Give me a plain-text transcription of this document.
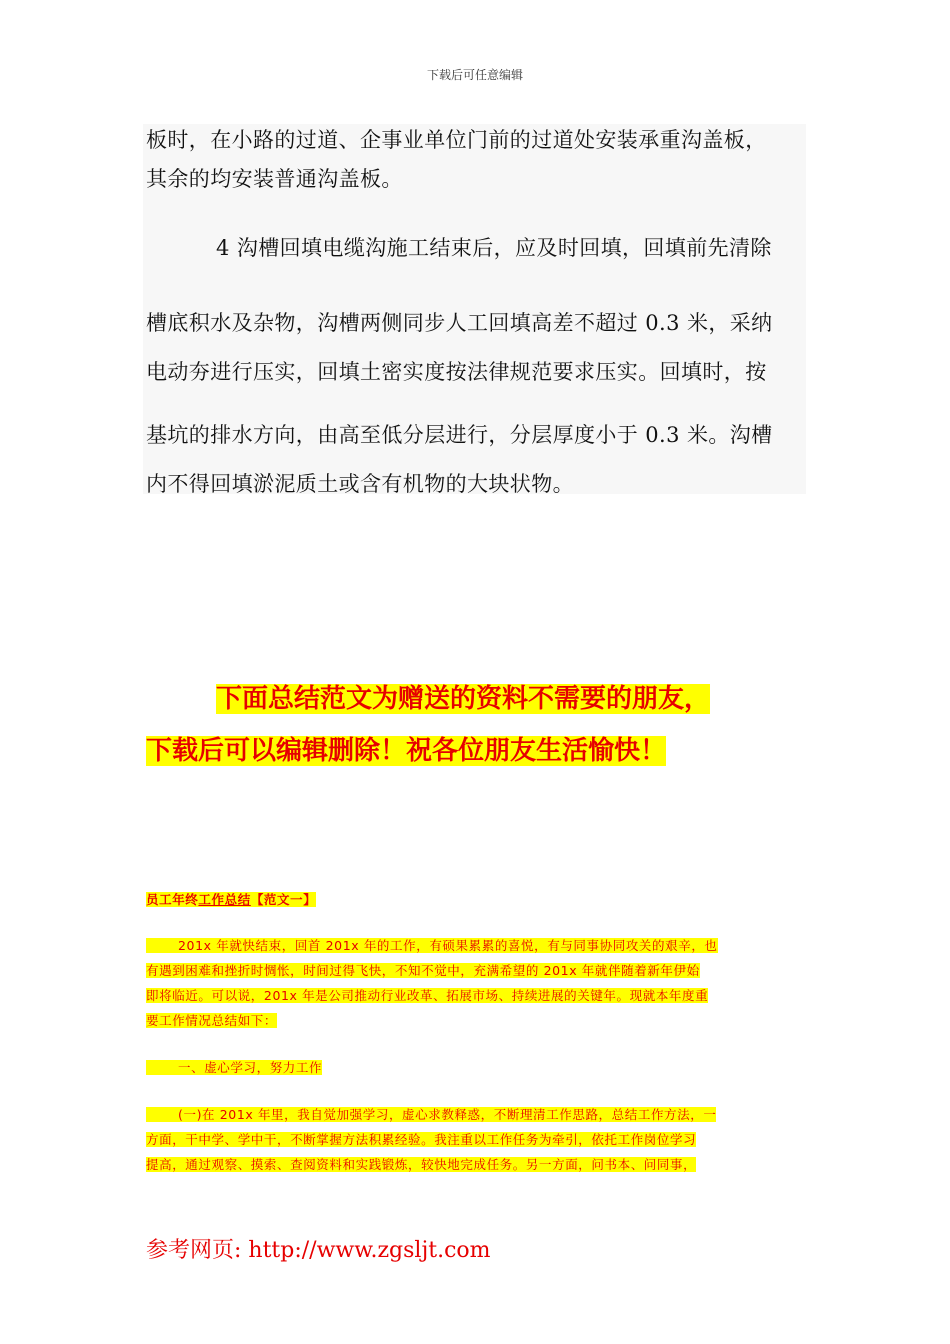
下载后可任意编辑
板时，在小路的过道、企事业单位门前的过道处安装承重沟盖板，
其余的均安装普通沟盖板。
4 沟槽回填电缆沟施工结束后，应及时回填，回填前先清除
槽底积水及杂物，沟槽两侧同步人工回填高差不超过 0.3 米，采纳
电动夯进行压实，回填土密实度按法律规范要求压实。回填时，按
基坑的排水方向，由高至低分层进行，分层厚度小于 0.3 米。沟槽
内不得回填淤泥质土或含有机物的大块状物。
下面总结范文为赠送的资料不需要的朋友，
下载后可以编辑删除！祝各位朋友生活愉快！
员工年终工作总结【范文一】
201x 年就快结束，回首 201x 年的工作，有硕果累累的喜悦，有与同事协同攻关的艰辛，也
有遇到困难和挫折时惆怅，时间过得飞快，不知不觉中，充满希望的 201x 年就伴随着新年伊始
即将临近。可以说，201x 年是公司推动行业改革、拓展市场、持续进展的关键年。现就本年度重
要工作情况总结如下：
一、虚心学习，努力工作
(一)在 201x 年里，我自觉加强学习，虚心求教释惑，不断理清工作思路，总结工作方法，一
方面，干中学、学中干，不断掌握方法积累经验。我注重以工作任务为牵引，依托工作岗位学习
提高，通过观察、摸索、查阅资料和实践锻炼，较快地完成任务。另一方面，问书本、问同事，
参考网页: http://www.zgsljt.com
